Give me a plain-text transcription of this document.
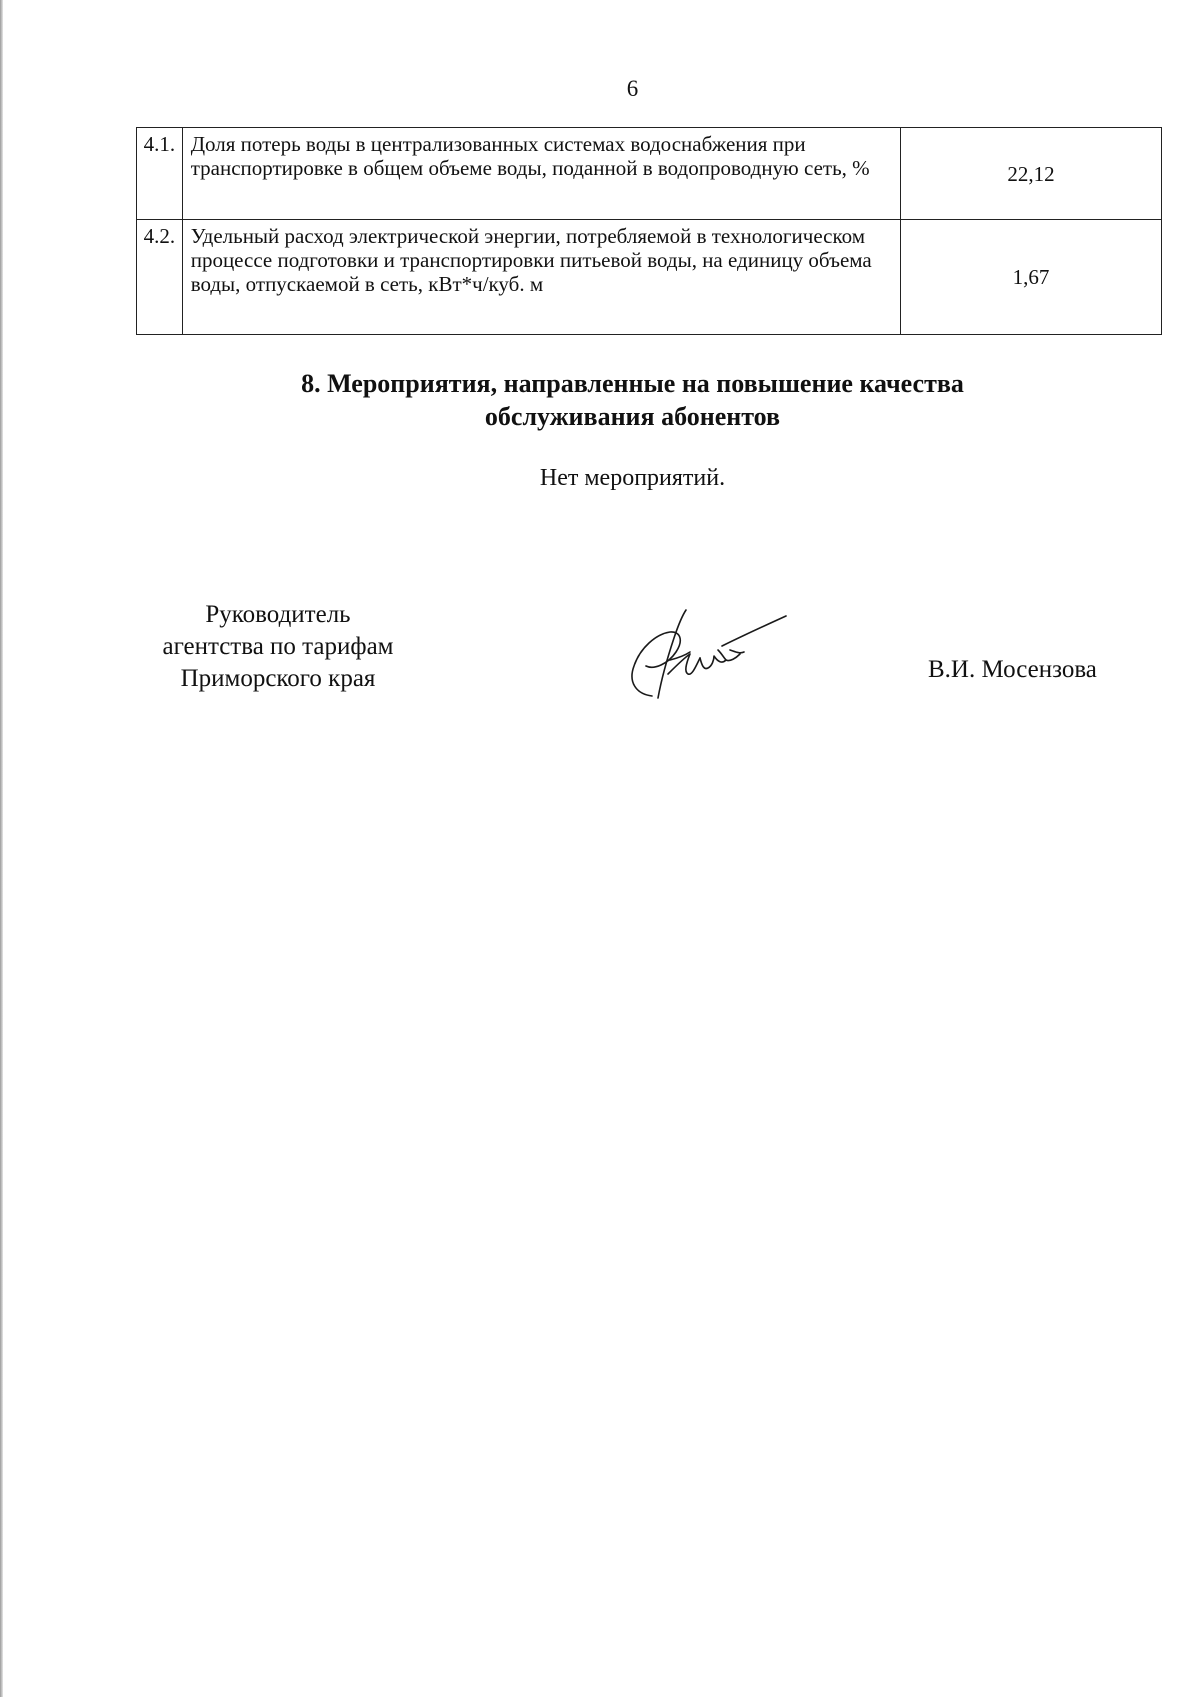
6
4.1.	Доля потерь воды в централизованных системах водоснабжения при транспортировке в общем объеме воды, поданной в водопроводную сеть, %	22,12
4.2.	Удельный расход электрической энергии, потребляемой в технологическом процессе подготовки и транспортировки питьевой воды, на единицу объема воды, отпускаемой в сеть, кВт*ч/куб. м	1,67
8. Мероприятия, направленные на повышение качества
обслуживания абонентов
Нет мероприятий.
Руководитель
агентства по тарифам
Приморского края	В.И. Мосензова
